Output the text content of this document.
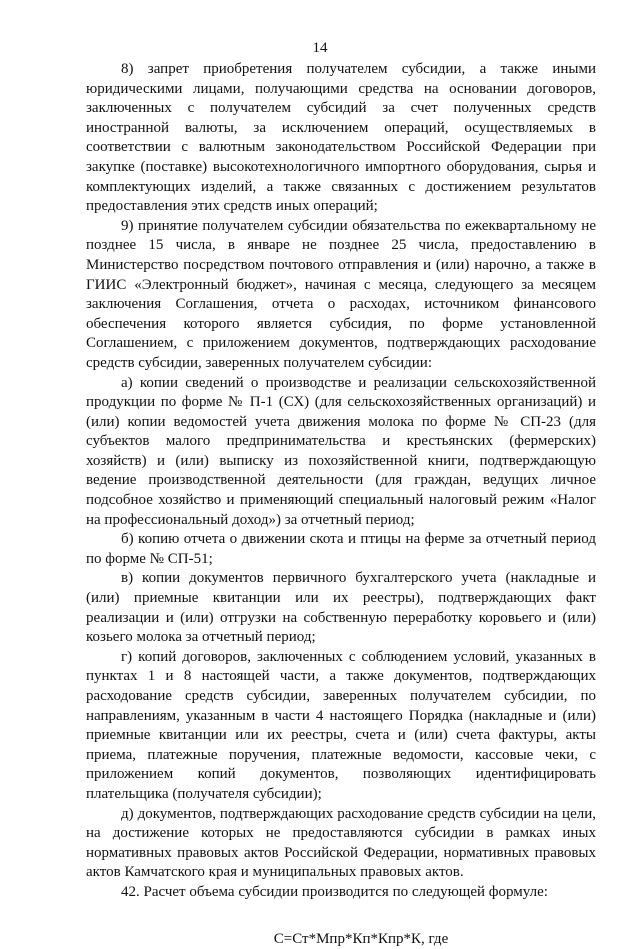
14

8) запрет приобретения получателем субсидии, а также иными юридическими лицами, получающими средства на основании договоров, заключенных с получателем субсидий за счет полученных средств иностранной валюты, за исключением операций, осуществляемых в соответствии с валютным законодательством Российской Федерации при закупке (поставке) высокотехнологичного импортного оборудования, сырья и комплектующих изделий, а также связанных с достижением результатов предоставления этих средств иных операций;

9) принятие получателем субсидии обязательства по ежеквартальному не позднее 15 числа, в январе не позднее 25 числа, предоставлению в Министерство посредством почтового отправления и (или) нарочно, а также в ГИИС «Электронный бюджет», начиная с месяца, следующего за месяцем заключения Соглашения, отчета о расходах, источником финансового обеспечения которого является субсидия, по форме установленной Соглашением, с приложением документов, подтверждающих расходование средств субсидии, заверенных получателем субсидии:

а) копии сведений о производстве и реализации сельскохозяйственной продукции по форме № П-1 (СХ) (для сельскохозяйственных организаций) и (или) копии ведомостей учета движения молока по форме № СП-23 (для субъектов малого предпринимательства и крестьянских (фермерских) хозяйств) и (или) выписку из похозяйственной книги, подтверждающую ведение производственной деятельности (для граждан, ведущих личное подсобное хозяйство и применяющий специальный налоговый режим «Налог на профессиональный доход») за отчетный период;

б) копию отчета о движении скота и птицы на ферме за отчетный период по форме № СП-51;

в) копии документов первичного бухгалтерского учета (накладные и (или) приемные квитанции или их реестры), подтверждающих факт реализации и (или) отгрузки на собственную переработку коровьего и (или) козьего молока за отчетный период;

г) копий договоров, заключенных с соблюдением условий, указанных в пунктах 1 и 8 настоящей части, а также документов, подтверждающих расходование средств субсидии, заверенных получателем субсидии, по направлениям, указанным в части 4 настоящего Порядка (накладные и (или) приемные квитанции или их реестры, счета и (или) счета фактуры, акты приема, платежные поручения, платежные ведомости, кассовые чеки, с приложением копий документов, позволяющих идентифицировать плательщика (получателя субсидии);

д) документов, подтверждающих расходование средств субсидии на цели, на достижение которых не предоставляются субсидии в рамках иных нормативных правовых актов Российской Федерации, нормативных правовых актов Камчатского края и муниципальных правовых актов.

42. Расчет объема субсидии производится по следующей формуле:

С=Ст*Мпр*Кп*Кпр*К, где
